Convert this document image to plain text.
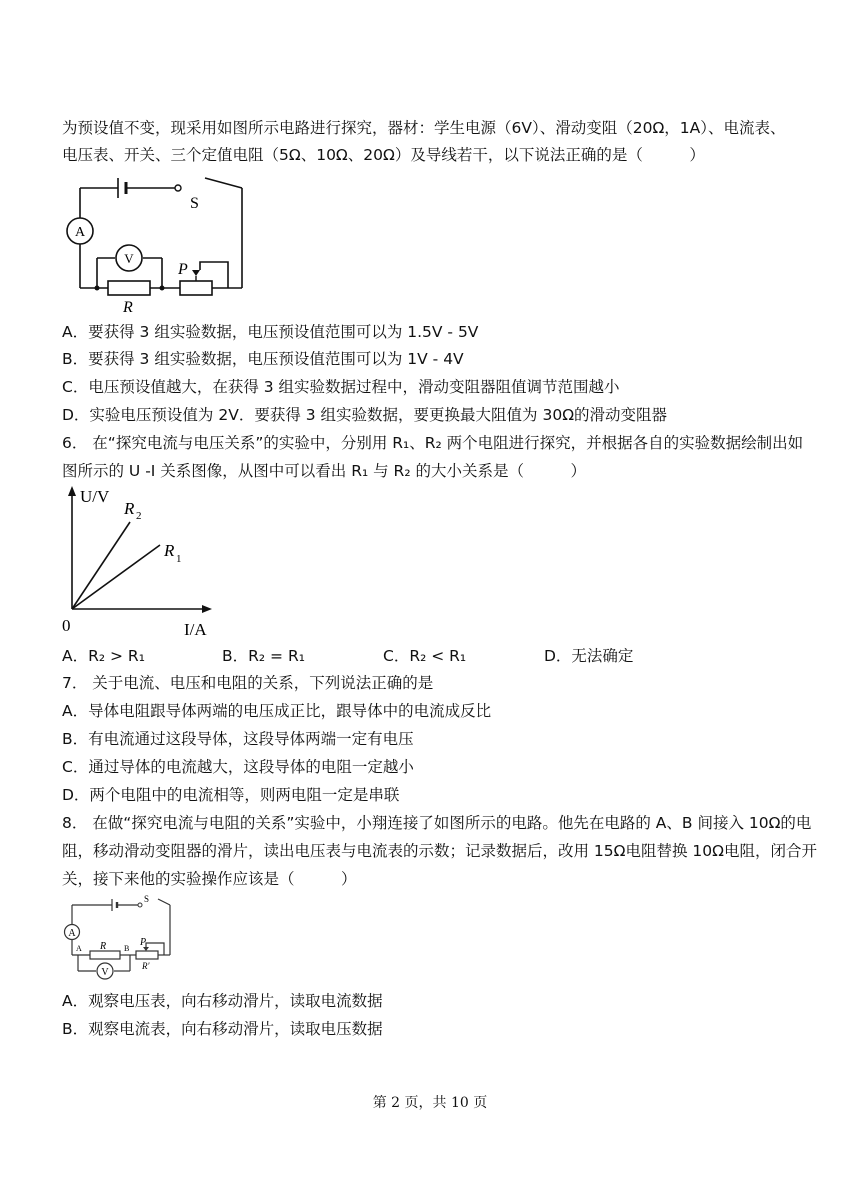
为预设值不变，现采用如图所示电路进行探究，器材：学生电源（6V）、滑动变阻（20Ω，1A）、电流表、
电压表、开关、三个定值电阻（5Ω、10Ω、20Ω）及导线若干，以下说法正确的是（　　　）
A
V
S
P
R
A．要获得 3 组实验数据，电压预设值范围可以为 1.5V - 5V
B．要获得 3 组实验数据，电压预设值范围可以为 1V - 4V
C．电压预设值越大，在获得 3 组实验数据过程中，滑动变阻器阻值调节范围越小
D．实验电压预设值为 2V．要获得 3 组实验数据，要更换最大阻值为 30Ω的滑动变阻器
6． 在“探究电流与电压关系”的实验中，分别用 R₁、R₂ 两个电阻进行探究，并根据各自的实验数据绘制出如
图所示的 U -I 关系图像，从图中可以看出 R₁ 与 R₂ 的大小关系是（　　　）
U/V
I/A
0
R 2
R 1
A．R₂ > R₁	B．R₂ = R₁	C．R₂ < R₁	D．无法确定
7． 关于电流、电压和电阻的关系，下列说法正确的是
A．导体电阻跟导体两端的电压成正比，跟导体中的电流成反比
B．有电流通过这段导体，这段导体两端一定有电压
C．通过导体的电流越大，这段导体的电阻一定越小
D．两个电阻中的电流相等，则两电阻一定是串联
8． 在做“探究电流与电阻的关系”实验中，小翔连接了如图所示的电路。他先在电路的 A、B 间接入 10Ω的电
阻，移动滑动变阻器的滑片，读出电压表与电流表的示数；记录数据后，改用 15Ω电阻替换 10Ω电阻，闭合开
关，接下来他的实验操作应该是（　　　）
A
V
S
R
A	B
P
R'
A．观察电压表，向右移动滑片，读取电流数据
B．观察电流表，向右移动滑片，读取电压数据
第 2 页，共 10 页
